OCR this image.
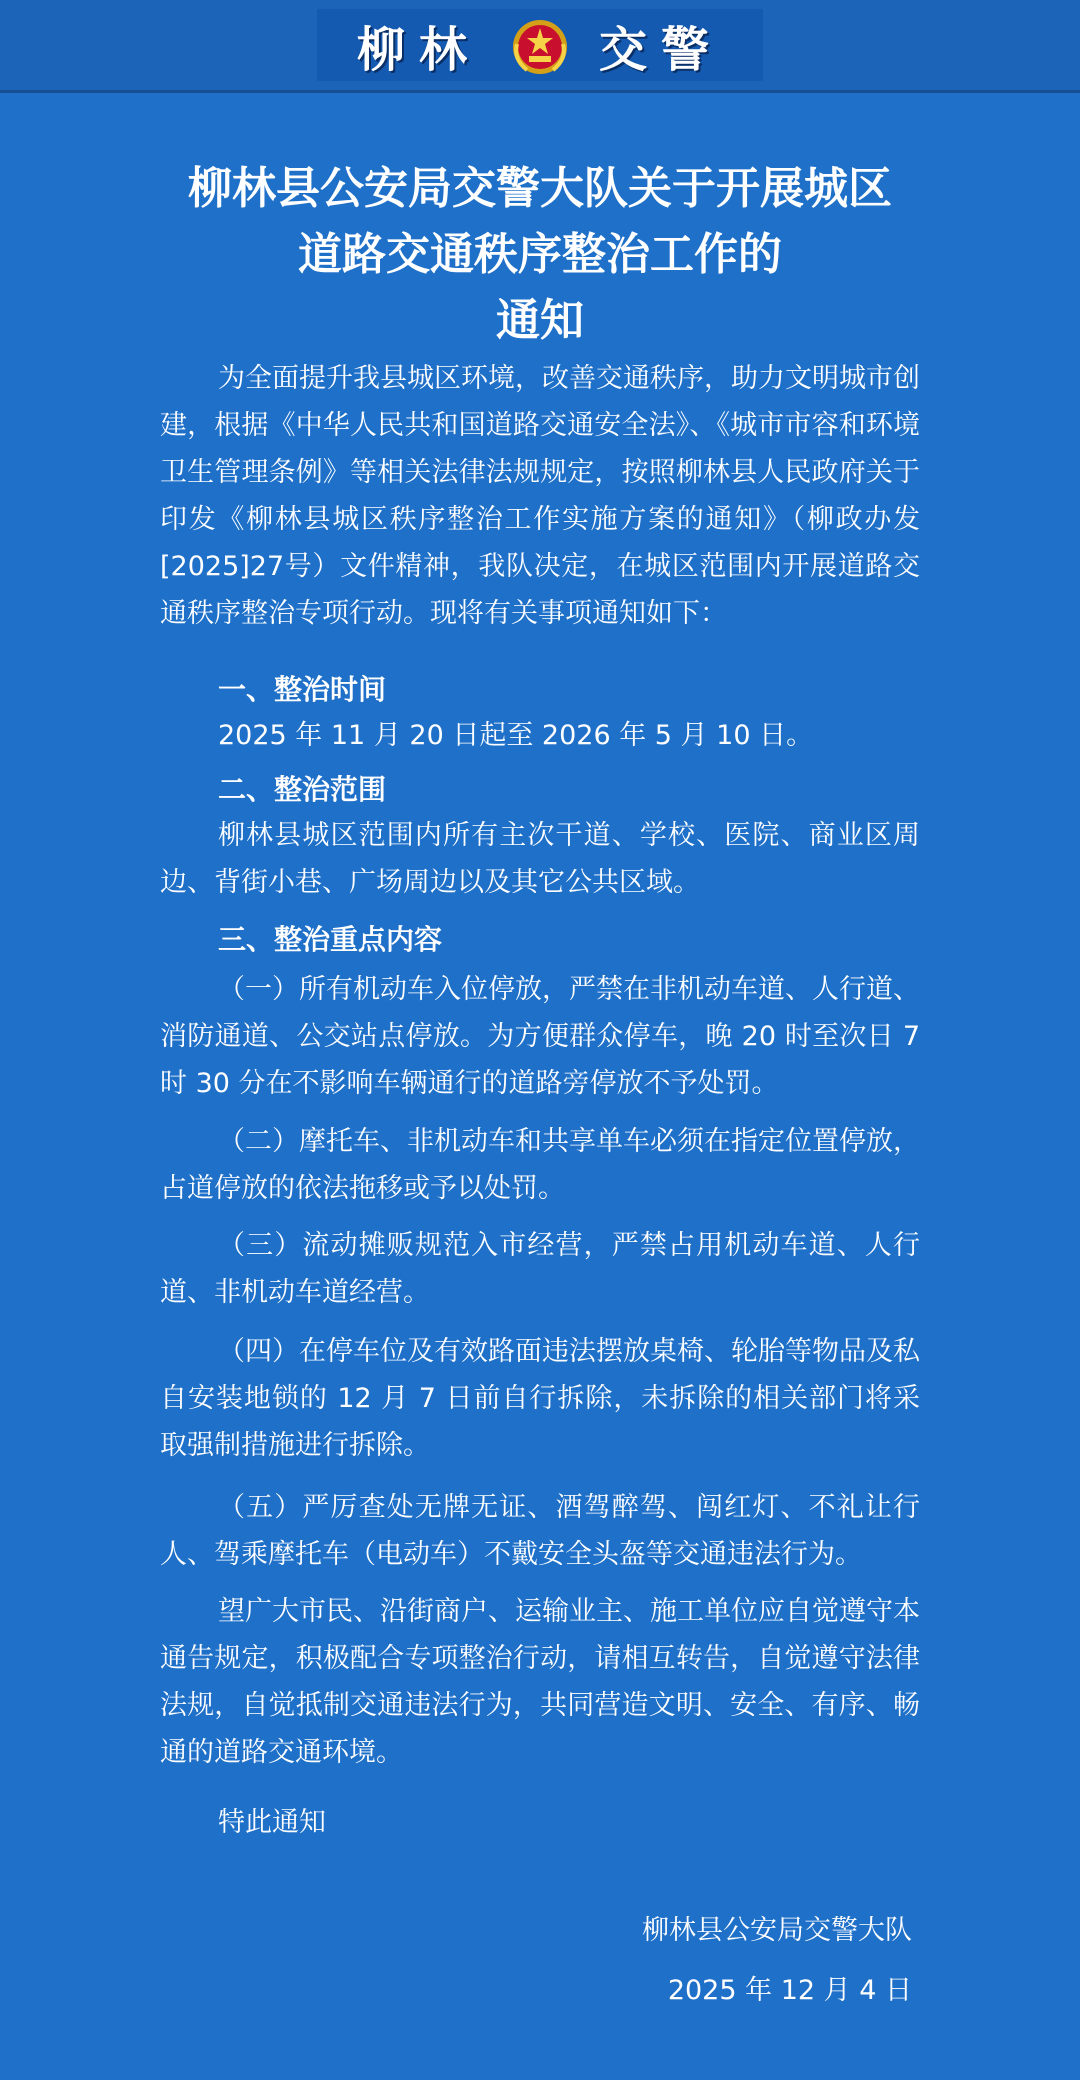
柳林 交警
柳林县公安局交警大队关于开展城区
道路交通秩序整治工作的
通知
为全面提升我县城区环境，改善交通秩序，助力文明城市创建，根据《中华人民共和国道路交通安全法》、《城市市容和环境卫生管理条例》等相关法律法规规定，按照柳林县人民政府关于印发《柳林县城区秩序整治工作实施方案的通知》（柳政办发[2025]27号）文件精神，我队决定，在城区范围内开展道路交通秩序整治专项行动。现将有关事项通知如下：
一、整治时间
2025 年 11 月 20 日起至 2026 年 5 月 10 日。
二、整治范围
柳林县城区范围内所有主次干道、学校、医院、商业区周边、背街小巷、广场周边以及其它公共区域。
三、整治重点内容
（一）所有机动车入位停放，严禁在非机动车道、人行道、消防通道、公交站点停放。为方便群众停车，晚 20 时至次日 7 时 30 分在不影响车辆通行的道路旁停放不予处罚。
（二）摩托车、非机动车和共享单车必须在指定位置停放，占道停放的依法拖移或予以处罚。
（三）流动摊贩规范入市经营，严禁占用机动车道、人行道、非机动车道经营。
（四）在停车位及有效路面违法摆放桌椅、轮胎等物品及私自安装地锁的 12 月 7 日前自行拆除，未拆除的相关部门将采取强制措施进行拆除。
（五）严厉查处无牌无证、酒驾醉驾、闯红灯、不礼让行人、驾乘摩托车（电动车）不戴安全头盔等交通违法行为。
望广大市民、沿街商户、运输业主、施工单位应自觉遵守本通告规定，积极配合专项整治行动，请相互转告，自觉遵守法律法规，自觉抵制交通违法行为，共同营造文明、安全、有序、畅通的道路交通环境。
特此通知
柳林县公安局交警大队
2025 年 12 月 4 日
